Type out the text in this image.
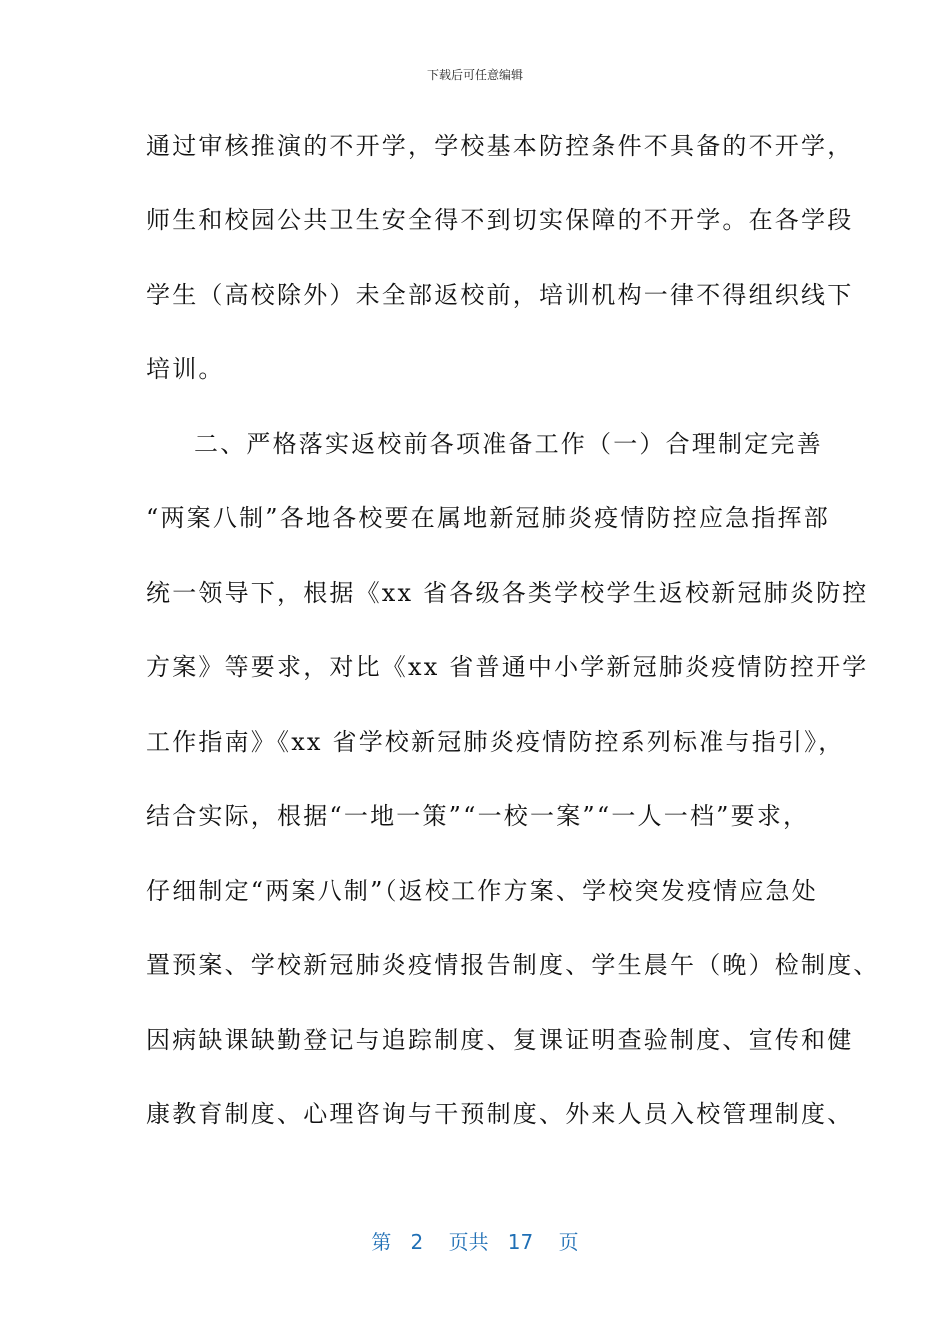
下载后可任意编辑
通过审核推演的不开学，学校基本防控条件不具备的不开学，
师生和校园公共卫生安全得不到切实保障的不开学。在各学段
学生（高校除外）未全部返校前，培训机构一律不得组织线下
培训。
二、严格落实返校前各项准备工作（一）合理制定完善
“两案八制”各地各校要在属地新冠肺炎疫情防控应急指挥部
统一领导下，根据《xx 省各级各类学校学生返校新冠肺炎防控
方案》等要求，对比《xx 省普通中小学新冠肺炎疫情防控开学
工作指南》《xx 省学校新冠肺炎疫情防控系列标准与指引》，
结合实际，根据“一地一策”“一校一案”“一人一档”要求，
仔细制定“两案八制”（返校工作方案、学校突发疫情应急处
置预案、学校新冠肺炎疫情报告制度、学生晨午（晚）检制度、
因病缺课缺勤登记与追踪制度、复课证明查验制度、宣传和健
康教育制度、心理咨询与干预制度、外来人员入校管理制度、
第 2 页共 17 页
